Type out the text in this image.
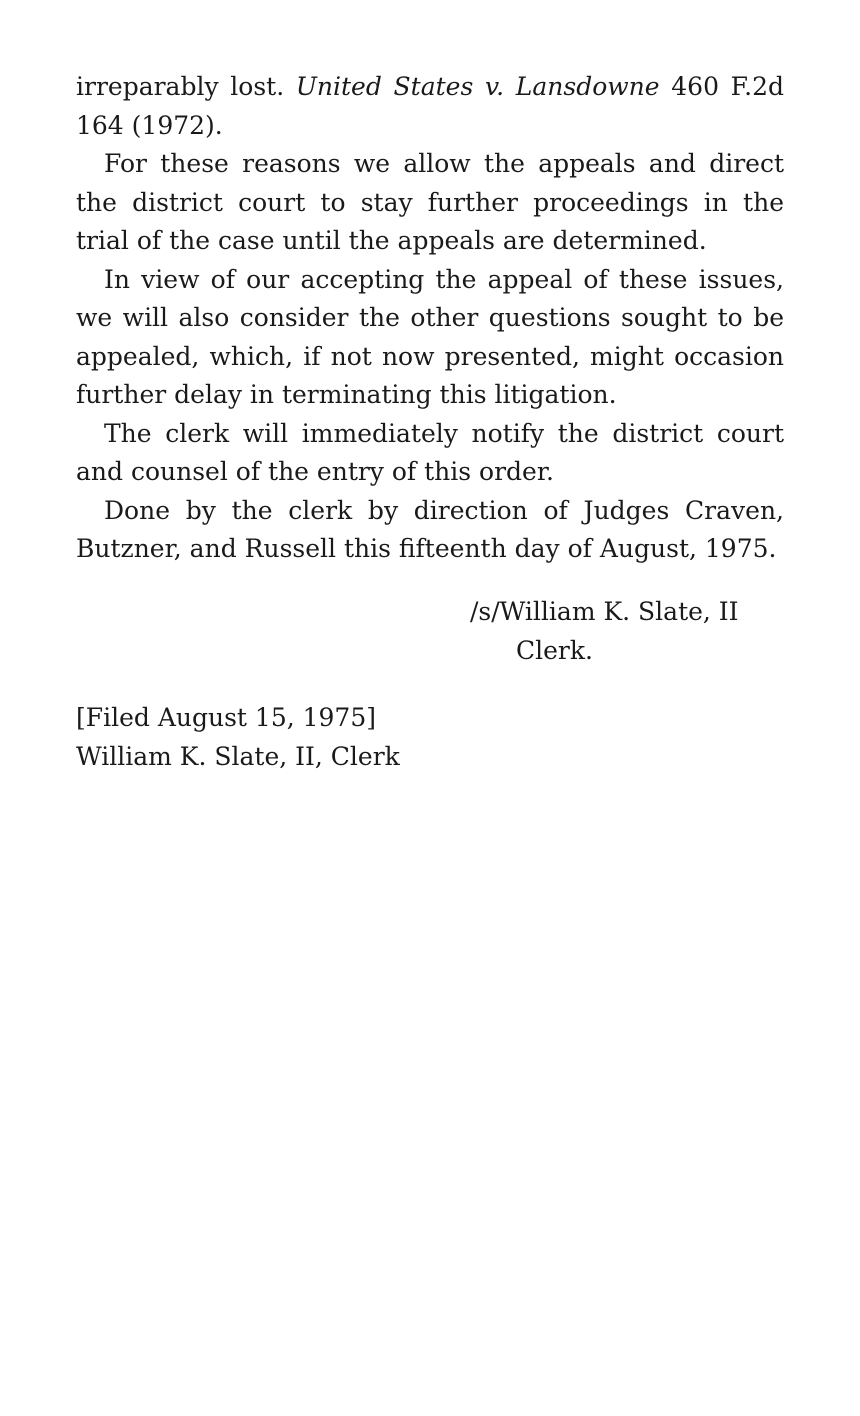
irreparably lost. United States v. Lansdowne 460 F.2d 164 (1972).

For these reasons we allow the appeals and direct the district court to stay further proceedings in the trial of the case until the appeals are determined.

In view of our accepting the appeal of these issues, we will also consider the other questions sought to be appealed, which, if not now presented, might occasion further delay in terminating this litigation.

The clerk will immediately notify the district court and counsel of the entry of this order.

Done by the clerk by direction of Judges Craven, Butzner, and Russell this fifteenth day of August, 1975.

/s/William K. Slate, II
Clerk.
[Filed August 15, 1975]
William K. Slate, II, Clerk
